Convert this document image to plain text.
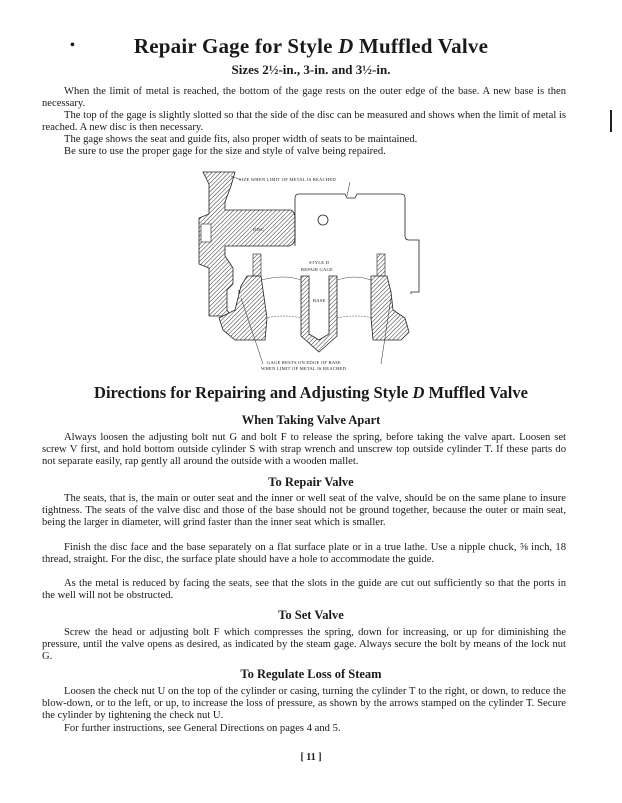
•	Repair Gage for Style D Muffled Valve
Sizes 2½-in., 3-in. and 3½-in.
When the limit of metal is reached, the bottom of the gage rests on the outer edge of the base. A new base is then necessary.
The top of the gage is slightly slotted so that the side of the disc can be measured and shows when the limit of metal is reached. A new disc is then necessary.
The gage shows the seat and guide fits, also proper width of seats to be maintained.
Be sure to use the proper gage for the size and style of valve being repaired.
DISC
STYLE D
REPAIR GAGE
SIZE WHEN LIMIT OF METAL IS REACHED
BASE
GAGE RESTS ON EDGE OF BASE
WHEN LIMIT OF METAL IS REACHED
Directions for Repairing and Adjusting Style D Muffled Valve
When Taking Valve Apart
Always loosen the adjusting bolt nut G and bolt F to release the spring, before taking the valve apart. Loosen set screw V first, and hold bottom outside cylinder S with strap wrench and unscrew top outside cylinder T. If these parts do not separate easily, rap gently all around the outside with a wooden mallet.
To Repair Valve
The seats, that is, the main or outer seat and the inner or well seat of the valve, should be on the same plane to insure tightness. The seats of the valve disc and those of the base should not be ground together, because the outer or main seat, being the larger in diameter, will grind faster than the inner seat which is smaller.
Finish the disc face and the base separately on a flat surface plate or in a true lathe. Use a nipple chuck, ⅝ inch, 18 thread, straight. For the disc, the surface plate should have a hole to accommodate the guide.
As the metal is reduced by facing the seats, see that the slots in the guide are cut out sufficiently so that the ports in the well will not be obstructed.
To Set Valve
Screw the head or adjusting bolt F which compresses the spring, down for increasing, or up for diminishing the pressure, until the valve opens as desired, as indicated by the steam gage. Always secure the bolt by means of the lock nut G.
To Regulate Loss of Steam
Loosen the check nut U on the top of the cylinder or casing, turning the cylinder T to the right, or down, to reduce the blow-down, or to the left, or up, to increase the loss of pressure, as shown by the arrows stamped on the cylinder T. Secure the cylinder by tightening the check nut U.
For further instructions, see General Directions on pages 4 and 5.
[ 11 ]
